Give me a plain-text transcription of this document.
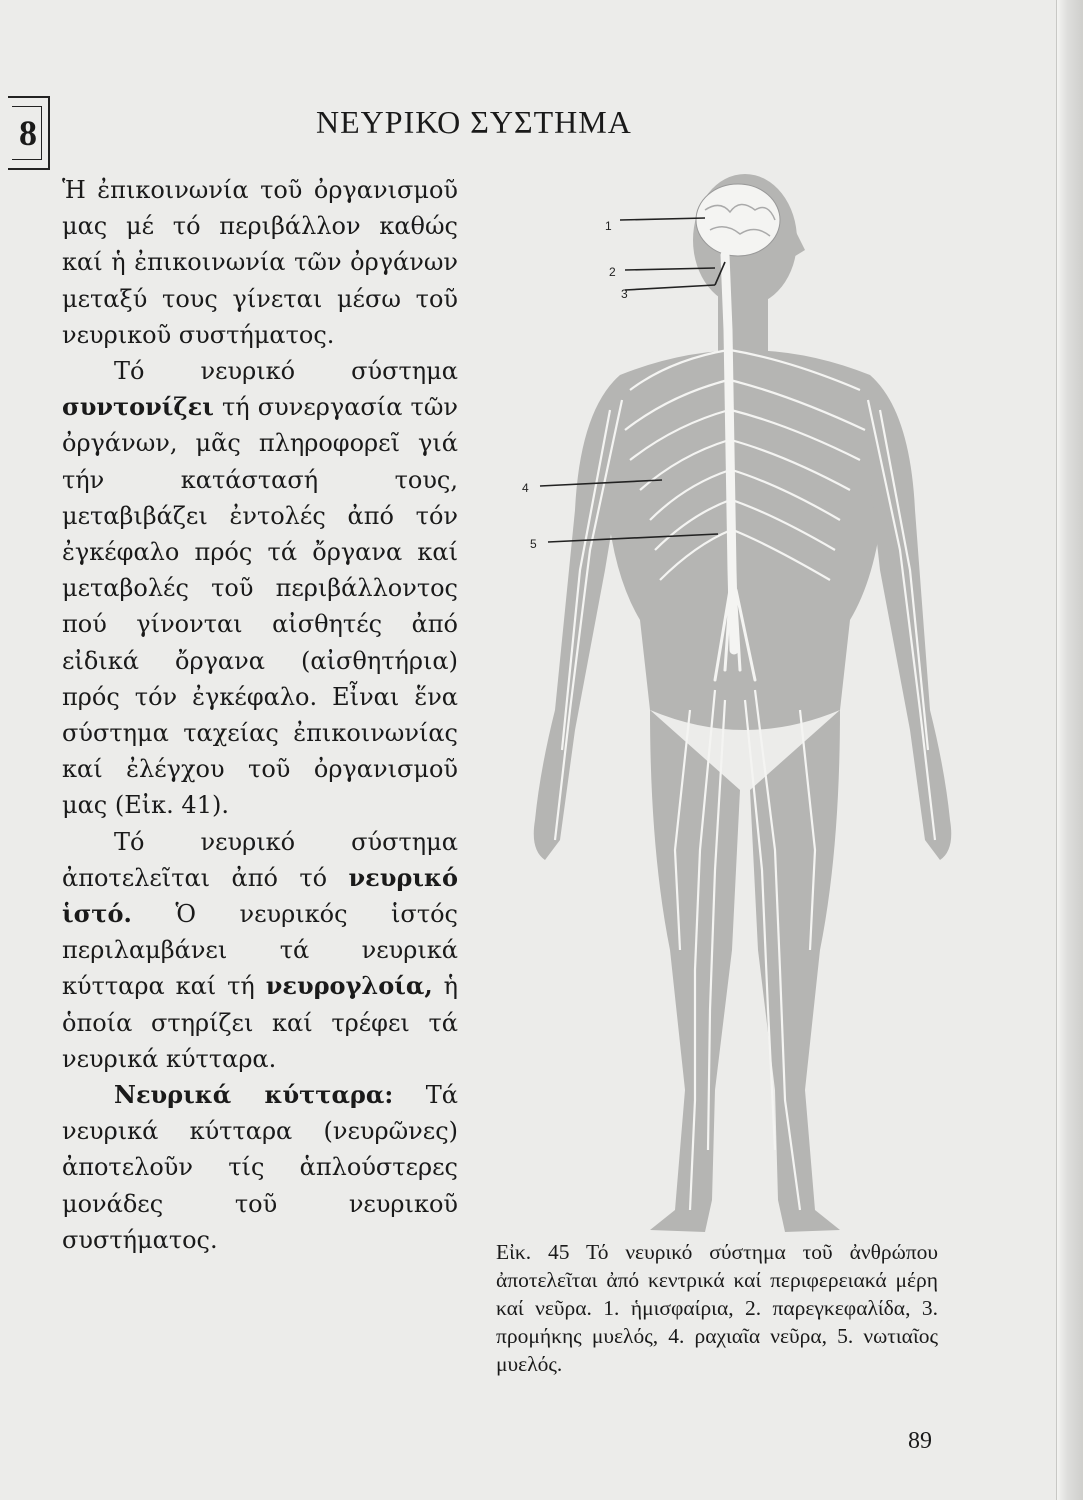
8	ΝΕΥΡΙΚΟ ΣΥΣΤΗΜΑ

Ἡ ἐπικοινωνία τοῦ ὀργανισμοῦ μας μέ τό περιβάλλον καθώς καί ἡ ἐπικοινωνία τῶν ὀργάνων μεταξύ τους γίνεται μέσω τοῦ νευρικοῦ συστήματος.

Τό νευρικό σύστημα συντονίζει τή συνεργασία τῶν ὀργάνων, μᾶς πληροφορεῖ γιά τήν κατάστασή τους, μεταβιβάζει ἐντολές ἀπό τόν ἐγκέφαλο πρός τά ὄργανα καί μεταβολές τοῦ περιβάλλοντος πού γίνονται αἰσθητές ἀπό εἰδικά ὄργανα (αἰσθητήρια) πρός τόν ἐγκέφαλο. Εἶναι ἕνα σύστημα ταχείας ἐπικοινωνίας καί ἐλέγχου τοῦ ὀργανισμοῦ μας (Εἰκ. 41).

Τό νευρικό σύστημα ἀποτελεῖται ἀπό τό νευρικό ἱστό. Ὁ νευρικός ἱστός περιλαμβάνει τά νευρικά κύτταρα καί τή νευρογλοία, ἡ ὁποία στηρίζει καί τρέφει τά νευρικά κύτταρα.

Νευρικά κύτταρα: Τά νευρικά κύτταρα (νευρῶνες) ἀποτελοῦν τίς ἁπλούστερες μονάδες τοῦ νευρικοῦ συστήματος.

1
2
3
4
5
Εἰκ. 45 Τό νευρικό σύστημα τοῦ ἀνθρώπου ἀποτελεῖται ἀπό κεντρικά καί περιφερειακά μέρη καί νεῦρα. 1. ἡμισφαίρια, 2. παρεγκεφαλίδα, 3. προμήκης μυελός, 4. ραχιαῖα νεῦρα, 5. νωτιαῖος μυελός.
89
